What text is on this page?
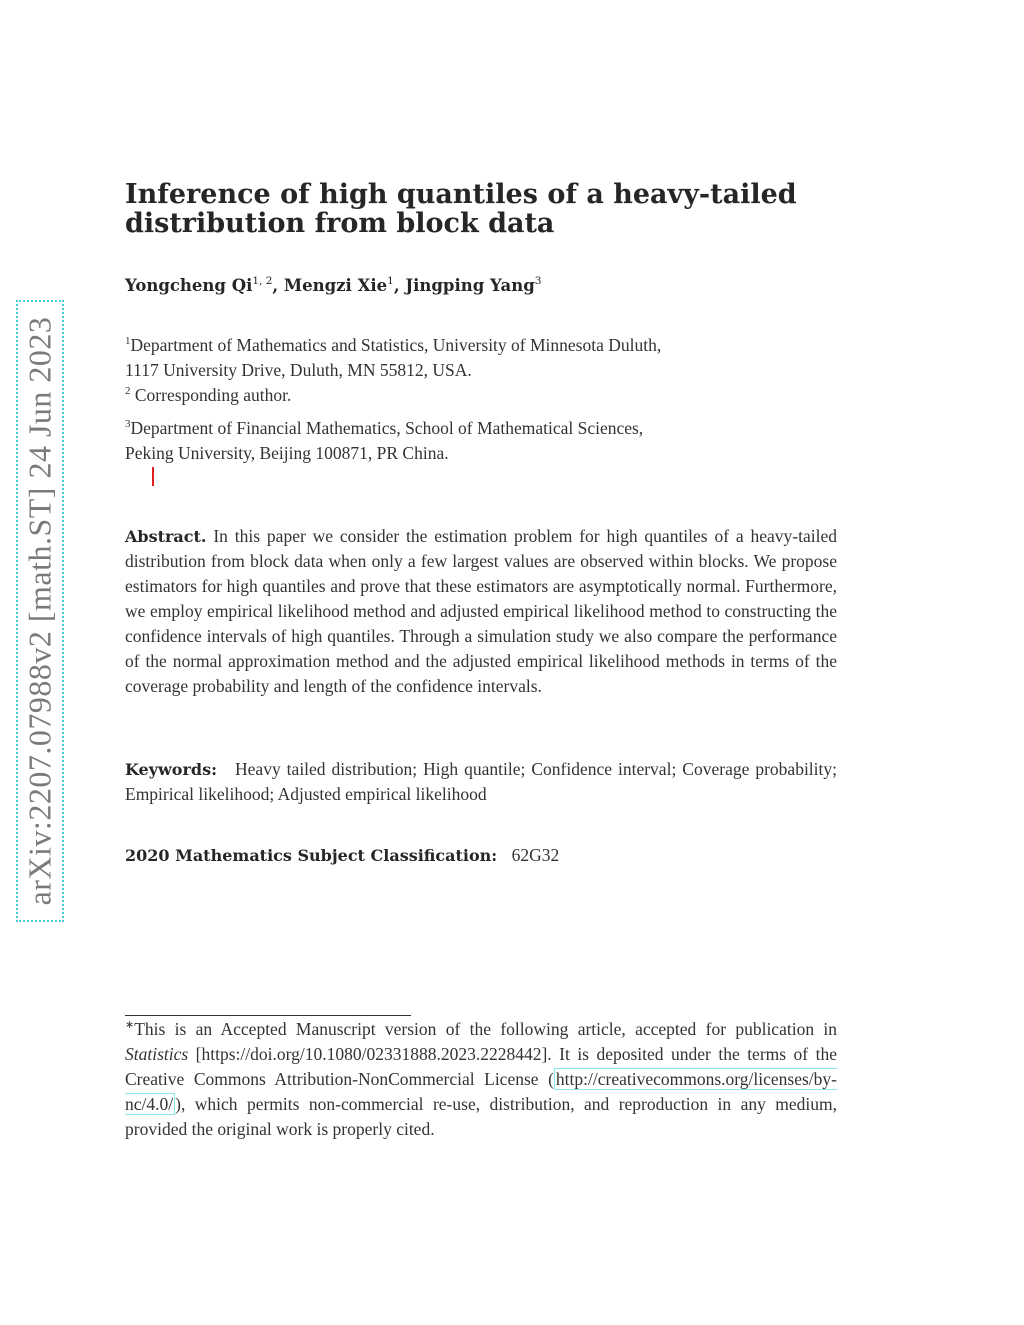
arXiv:2207.07988v2 [math.ST] 24 Jun 2023
Inference of high quantiles of a heavy-tailed distribution from block data
Yongcheng Qi$^{1, 2}$, Mengzi Xie$^1$, Jingping Yang$^3$
$^1$Department of Mathematics and Statistics, University of Minnesota Duluth,
1117 University Drive, Duluth, MN 55812, USA.
$^2$ Corresponding author.
$^3$Department of Financial Mathematics, School of Mathematical Sciences,
Peking University, Beijing 100871, PR China.

Abstract. In this paper we consider the estimation problem for high quantiles of a heavy-tailed distribution from block data when only a few largest values are observed within blocks. We propose estimators for high quantiles and prove that these estimators are asymptotically normal. Furthermore, we employ empirical likelihood method and adjusted empirical likelihood method to constructing the confidence intervals of high quantiles. Through a simulation study we also compare the performance of the normal approximation method and the adjusted empirical likelihood methods in terms of the coverage probability and length of the confidence intervals.

Keywords: Heavy tailed distribution; High quantile; Confidence interval; Coverage probability; Empirical likelihood; Adjusted empirical likelihood

2020 Mathematics Subject Classification: 62G32

∗This is an Accepted Manuscript version of the following article, accepted for publication in Statistics [https://doi.org/10.1080/02331888.2023.2228442]. It is deposited under the terms of the Creative Commons Attribution-NonCommercial License ( http://creativecommons.org/licenses/by-nc/4.0/ ), which permits non-commercial re-use, distribution, and reproduction in any medium, provided the original work is properly cited.
